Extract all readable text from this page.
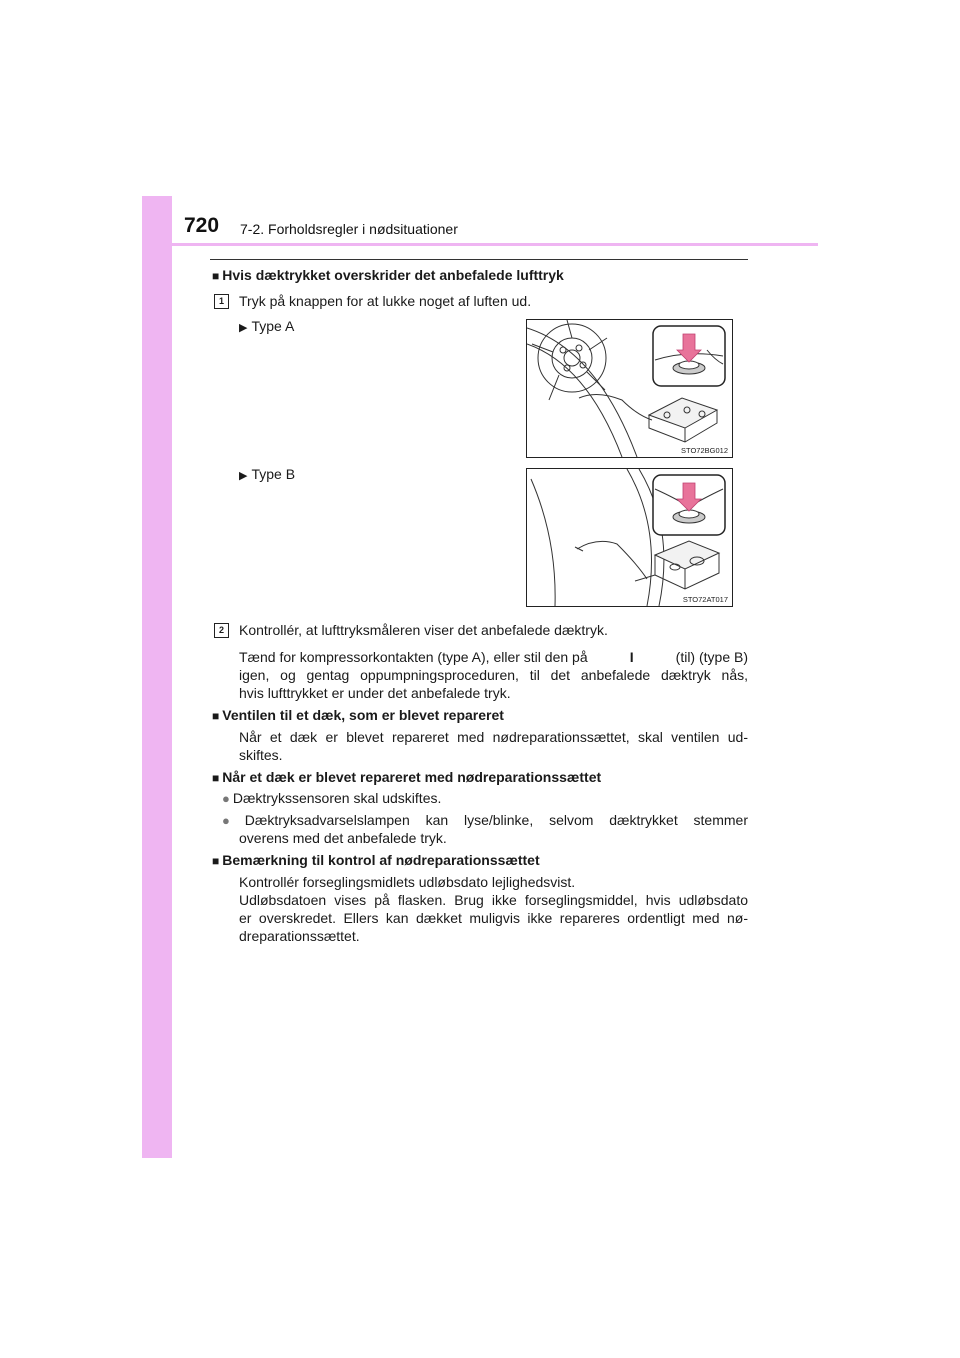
720 7-2. Forholdsregler i nødsituationer
■ Hvis dæktrykket overskrider det anbefalede lufttryk
1	Tryk på knappen for at lukke noget af luften ud.
▶ Type A
STO72BG012
▶ Type B
STO72AT017
2	Kontrollér, at lufttryksmåleren viser det anbefalede dæktryk.
Tænd for kompressorkontakten (type A), eller stil den på	I	(til) (type B)
igen, og gentag oppumpningsproceduren, til det anbefalede dæktryk nås,
hvis lufttrykket er under det anbefalede tryk.
■ Ventilen til et dæk, som er blevet repareret
Når et dæk er blevet repareret med nødreparationssættet, skal ventilen ud-
skiftes.
■ Når et dæk er blevet repareret med nødreparationssættet
● Dæktrykssensoren skal udskiftes.
● Dæktryksadvarselslampen kan lyse/blinke, selvom dæktrykket stemmer
overens med det anbefalede tryk.
■ Bemærkning til kontrol af nødreparationssættet
Kontrollér forseglingsmidlets udløbsdato lejlighedsvist.
Udløbsdatoen vises på flasken. Brug ikke forseglingsmiddel, hvis udløbsdato
er overskredet. Ellers kan dækket muligvis ikke repareres ordentligt med nø-
dreparationssættet.
